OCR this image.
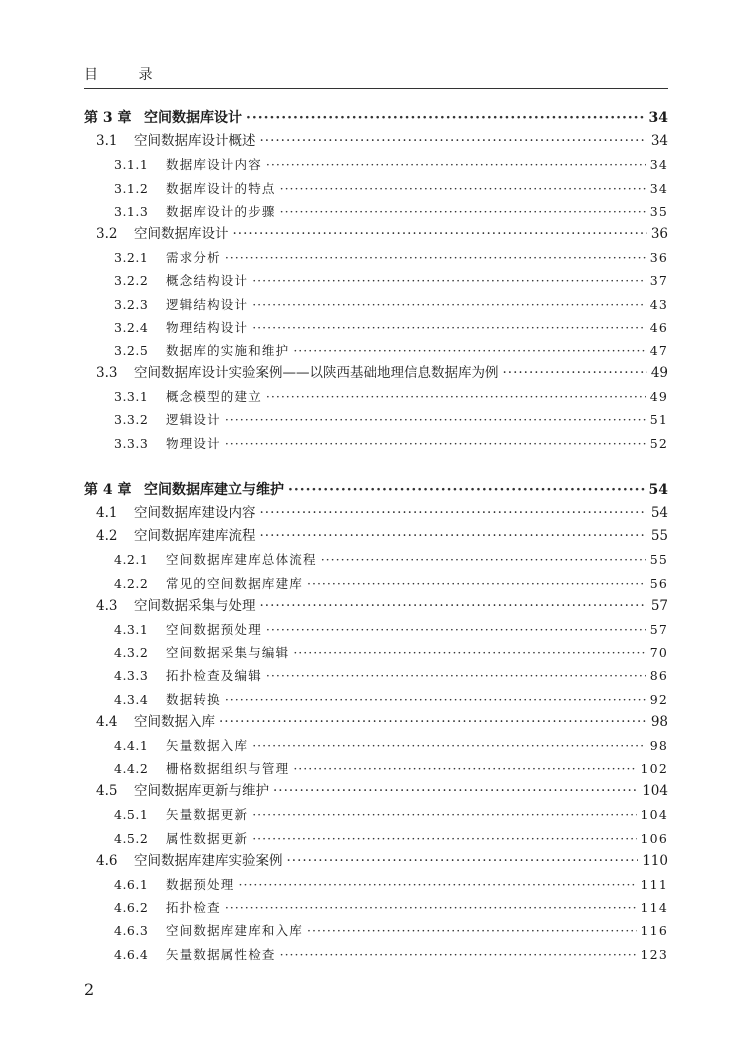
目 录
第 3 章 空间数据库设计 ·····	34
3.1	空间数据库设计概述 ·····	34
3.1.1	数据库设计内容 ·····	34
3.1.2	数据库设计的特点 ·····	34
3.1.3	数据库设计的步骤 ·····	35
3.2	空间数据库设计 ·····	36
3.2.1	需求分析 ·····	36
3.2.2	概念结构设计 ·····	37
3.2.3	逻辑结构设计 ·····	43
3.2.4	物理结构设计 ·····	46
3.2.5	数据库的实施和维护 ·····	47
3.3	空间数据库设计实验案例——以陕西基础地理信息数据库为例 ·····	49
3.3.1	概念模型的建立 ·····	49
3.3.2	逻辑设计 ·····	51
3.3.3	物理设计 ·····	52
第 4 章 空间数据库建立与维护 ·····	54
4.1	空间数据库建设内容 ·····	54
4.2	空间数据库建库流程 ·····	55
4.2.1	空间数据库建库总体流程 ·····	55
4.2.2	常见的空间数据库建库 ·····	56
4.3	空间数据采集与处理 ·····	57
4.3.1	空间数据预处理 ·····	57
4.3.2	空间数据采集与编辑 ·····	70
4.3.3	拓扑检查及编辑 ·····	86
4.3.4	数据转换 ·····	92
4.4	空间数据入库 ·····	98
4.4.1	矢量数据入库 ·····	98
4.4.2	栅格数据组织与管理 ·····	102
4.5	空间数据库更新与维护 ·····	104
4.5.1	矢量数据更新 ·····	104
4.5.2	属性数据更新 ·····	106
4.6	空间数据库建库实验案例 ·····	110
4.6.1	数据预处理 ·····	111
4.6.2	拓扑检查 ·····	114
4.6.3	空间数据库建库和入库 ·····	116
4.6.4	矢量数据属性检查 ·····	123
2
